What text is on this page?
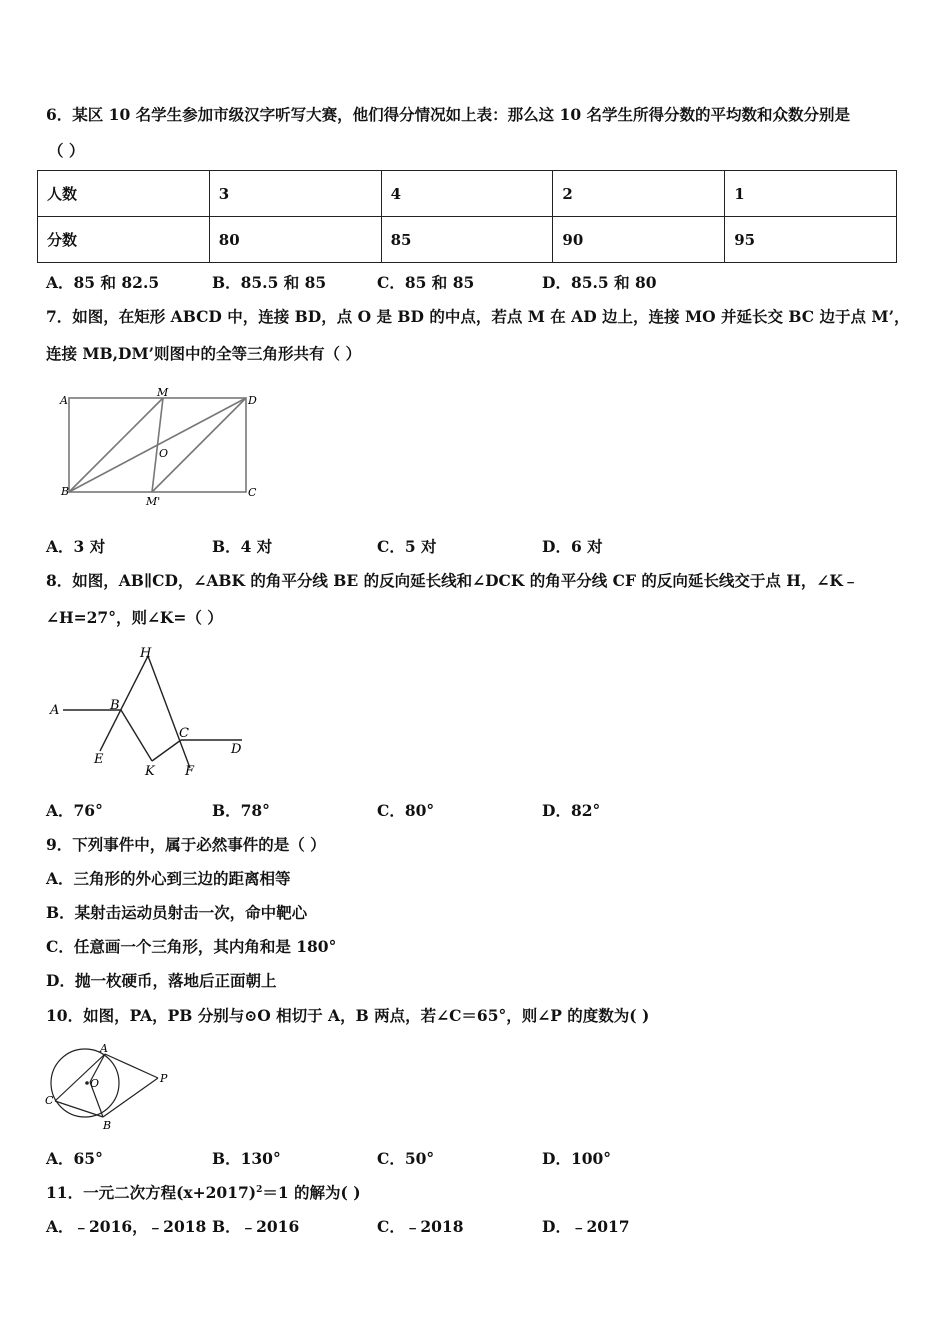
6．某区 10 名学生参加市级汉字听写大赛，他们得分情况如上表：那么这 10 名学生所得分数的平均数和众数分别是
（ ）
人数	3	4	2	1
分数	80	85	90	95
A．85 和 82.5	B．85.5 和 85	C．85 和 85	D．85.5 和 80
7．如图，在矩形 ABCD 中，连接 BD，点 O 是 BD 的中点，若点 M 在 AD 边上，连接 MO 并延长交 BC 边于点 M’，
连接 MB,DM’则图中的全等三角形共有（ ）
A
M
D
O
B
M'
C
A．3 对	B．4 对	C．5 对	D．6 对
8．如图，AB∥CD，∠ABK 的角平分线 BE 的反向延长线和∠DCK 的角平分线 CF 的反向延长线交于点 H，∠K﹣
∠H=27°，则∠K=（ ）
A	B
H
C
D
E
K F
A．76°	B．78°	C．80°	D．82°
9．下列事件中，属于必然事件的是（ ）
A．三角形的外心到三边的距离相等
B．某射击运动员射击一次，命中靶心
C．任意画一个三角形，其内角和是 180°
D．抛一枚硬币，落地后正面朝上
10．如图，PA，PB 分别与⊙O 相切于 A，B 两点，若∠C＝65°，则∠P 的度数为( )
A
O	P
C
B
A．65°	B．130°	C．50°	D．100°
11．一元二次方程$(x+2017)^2=1$ 的解为( )
A．﹣2016，﹣2018 B．﹣2016	C．﹣2018	D．﹣2017
